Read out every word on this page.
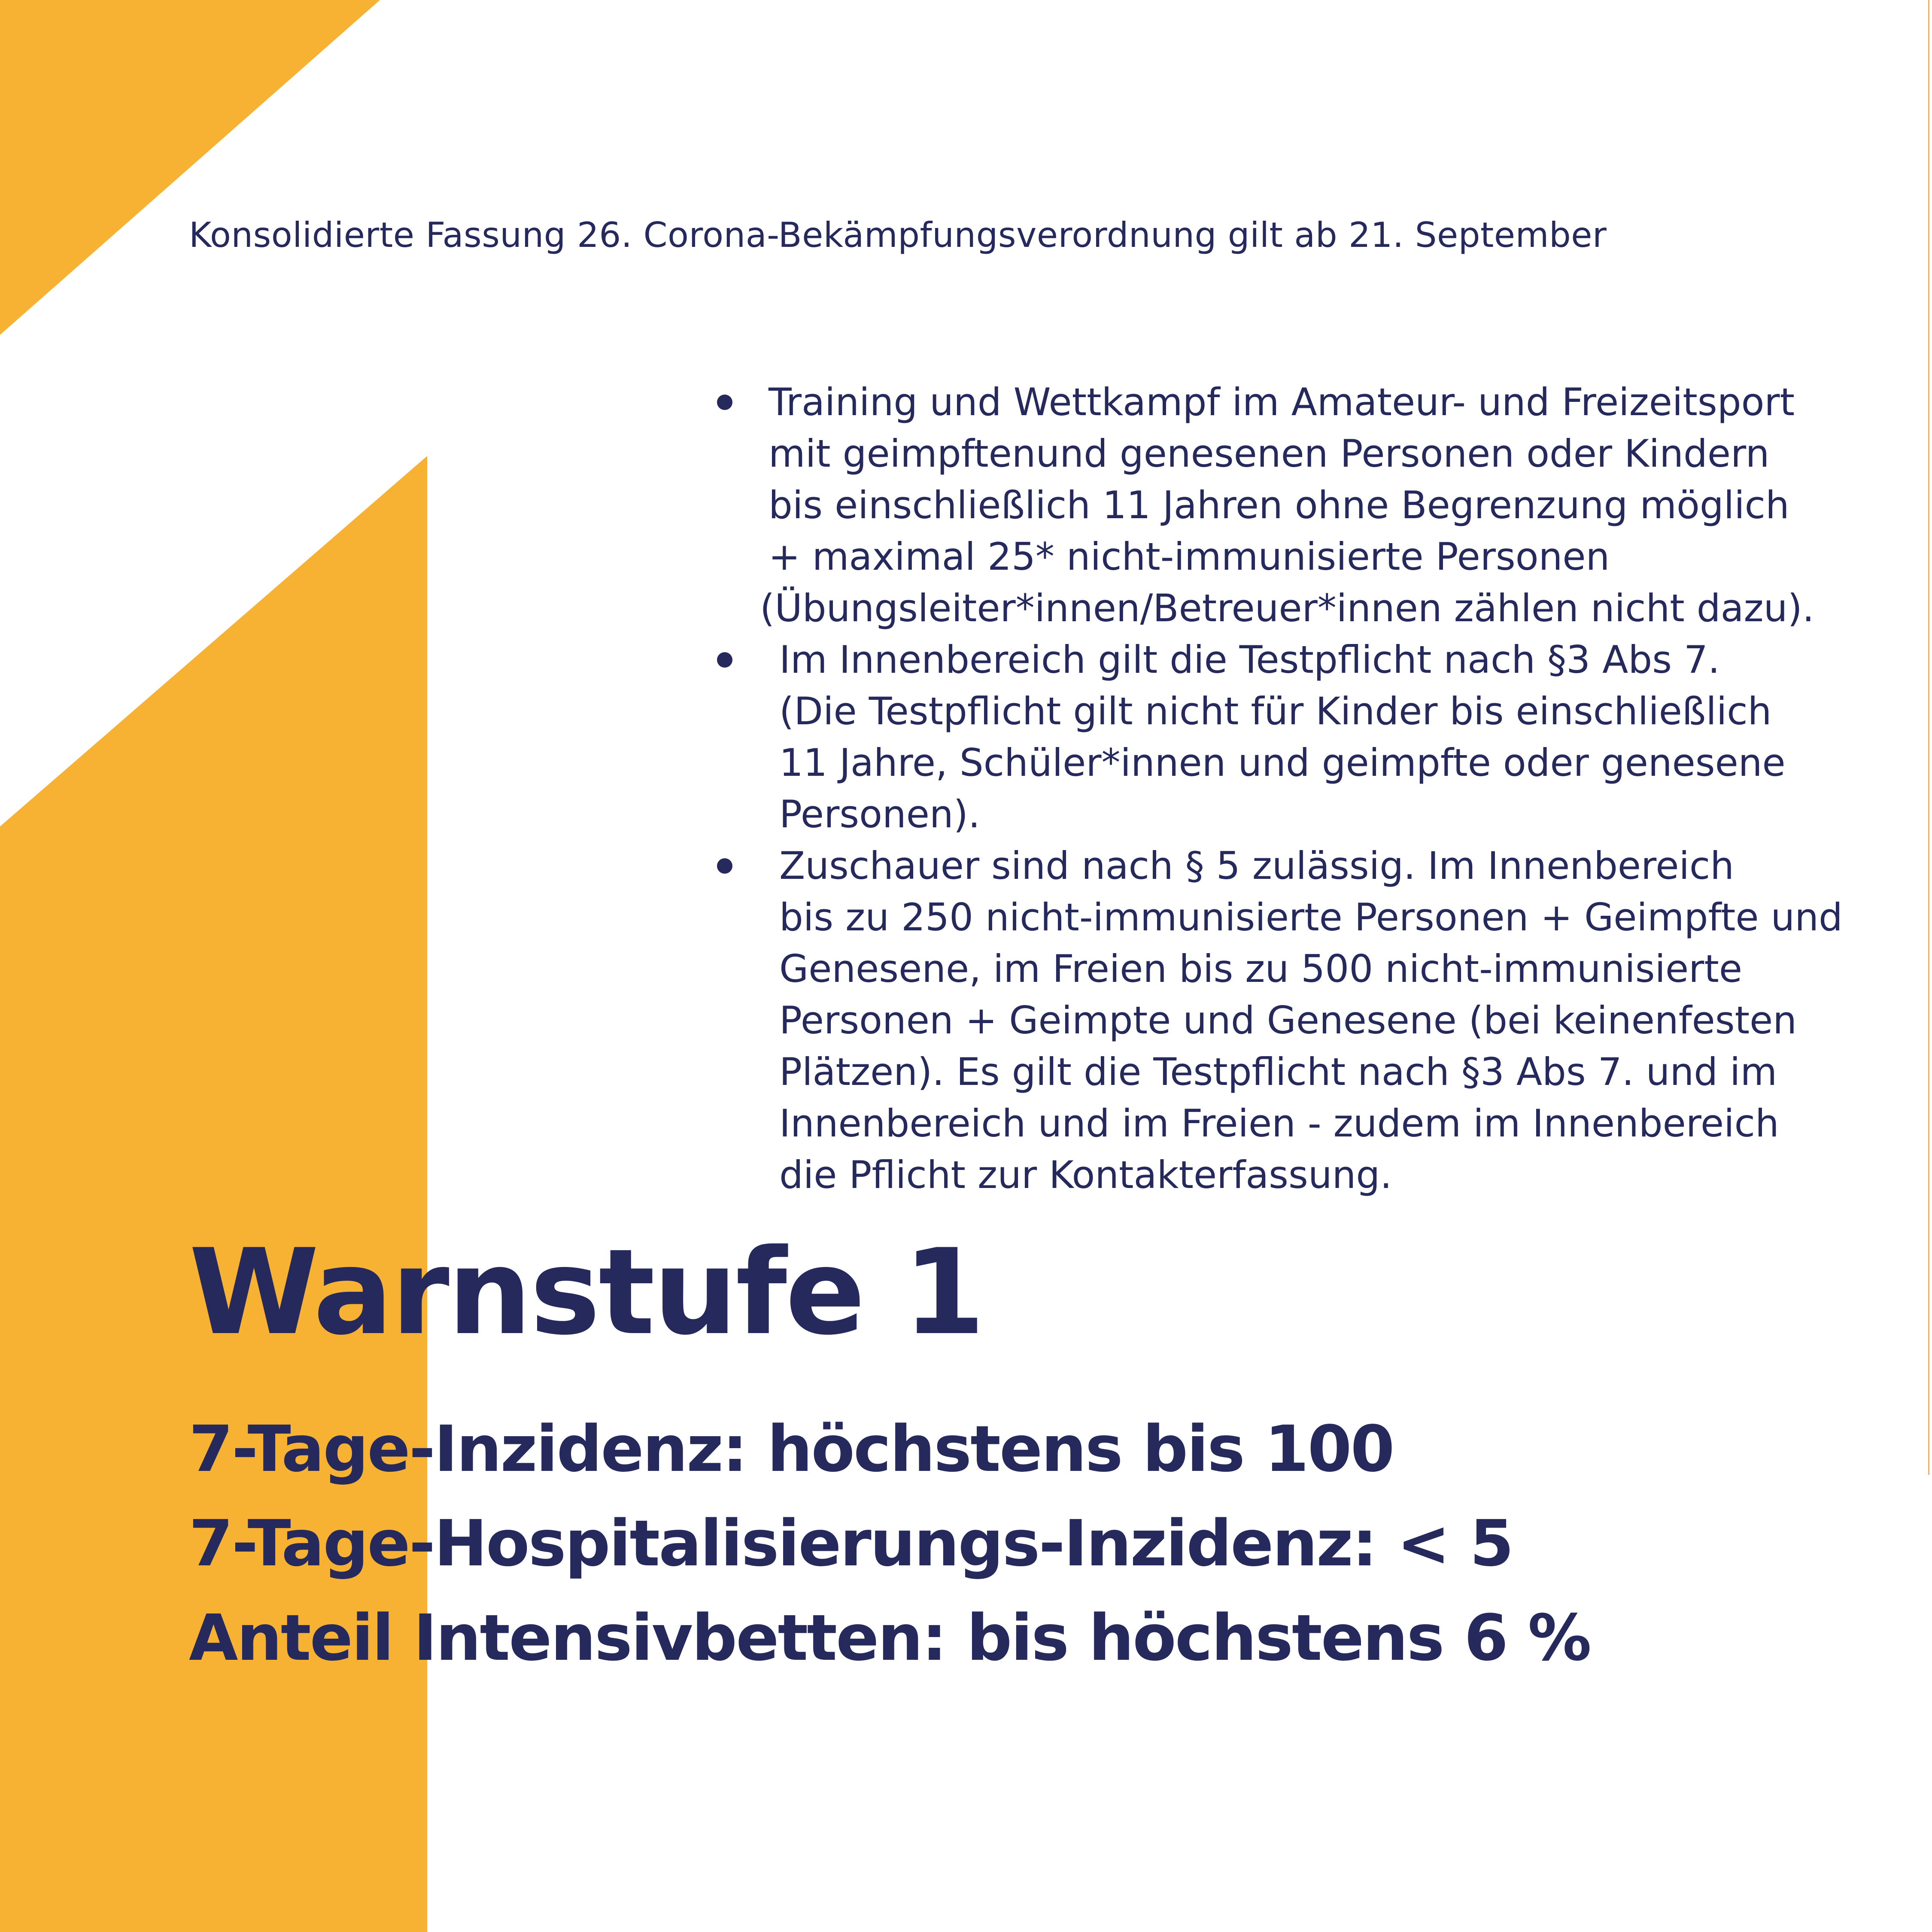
Konsolidierte Fassung 26. Corona-Bekämpfungsverordnung gilt ab 21. September
Training und Wettkampf im Amateur- und Freizeitsport
mit geimpftenund genesenen Personen oder Kindern
bis einschließlich 11 Jahren ohne Begrenzung möglich
+ maximal 25* nicht-immunisierte Personen
(Übungsleiter*innen/Betreuer*innen zählen nicht dazu).
Im Innenbereich gilt die Testpflicht nach §3 Abs 7.
(Die Testpflicht gilt nicht für Kinder bis einschließlich
11 Jahre, Schüler*innen und geimpfte oder genesene
Personen).
Zuschauer sind nach § 5 zulässig. Im Innenbereich
bis zu 250 nicht-immunisierte Personen + Geimpfte und
Genesene, im Freien bis zu 500 nicht-immunisierte
Personen + Geimpte und Genesene (bei keinenfesten
Plätzen). Es gilt die Testpflicht nach §3 Abs 7. und im
Innenbereich und im Freien - zudem im Innenbereich
die Pflicht zur Kontakterfassung.
Warnstufe 1
7-Tage-Inzidenz: höchstens bis 100
7-Tage-Hospitalisierungs-Inzidenz: < 5
Anteil Intensivbetten: bis höchstens 6 %
